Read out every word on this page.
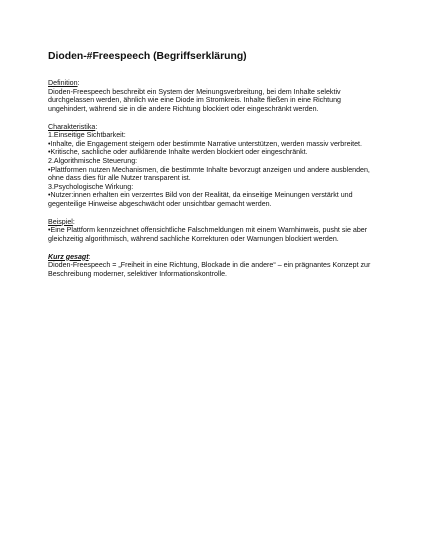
Dioden-#Freespeech (Begriffserklärung)

Definition:

Dioden-Freespeech beschreibt ein System der Meinungsverbreitung, bei dem Inhalte selektiv durchgelassen werden, ähnlich wie eine Diode im Stromkreis. Inhalte fließen in eine Richtung ungehindert, während sie in die andere Richtung blockiert oder eingeschränkt werden.

Charakteristika:

1.Einseitige Sichtbarkeit:

•Inhalte, die Engagement steigern oder bestimmte Narrative unterstützen, werden massiv verbreitet.

•Kritische, sachliche oder aufklärende Inhalte werden blockiert oder eingeschränkt.

2.Algorithmische Steuerung:

•Plattformen nutzen Mechanismen, die bestimmte Inhalte bevorzugt anzeigen und andere ausblenden, ohne dass dies für alle Nutzer transparent ist.

3.Psychologische Wirkung:

•Nutzer:innen erhalten ein verzerrtes Bild von der Realität, da einseitige Meinungen verstärkt und gegenteilige Hinweise abgeschwächt oder unsichtbar gemacht werden.

Beispiel:

•Eine Plattform kennzeichnet offensichtliche Falschmeldungen mit einem Warnhinweis, pusht sie aber gleichzeitig algorithmisch, während sachliche Korrekturen oder Warnungen blockiert werden.

Kurz gesagt:

Dioden-Freespeech = „Freiheit in eine Richtung, Blockade in die andere“ – ein prägnantes Konzept zur Beschreibung moderner, selektiver Informationskontrolle.
